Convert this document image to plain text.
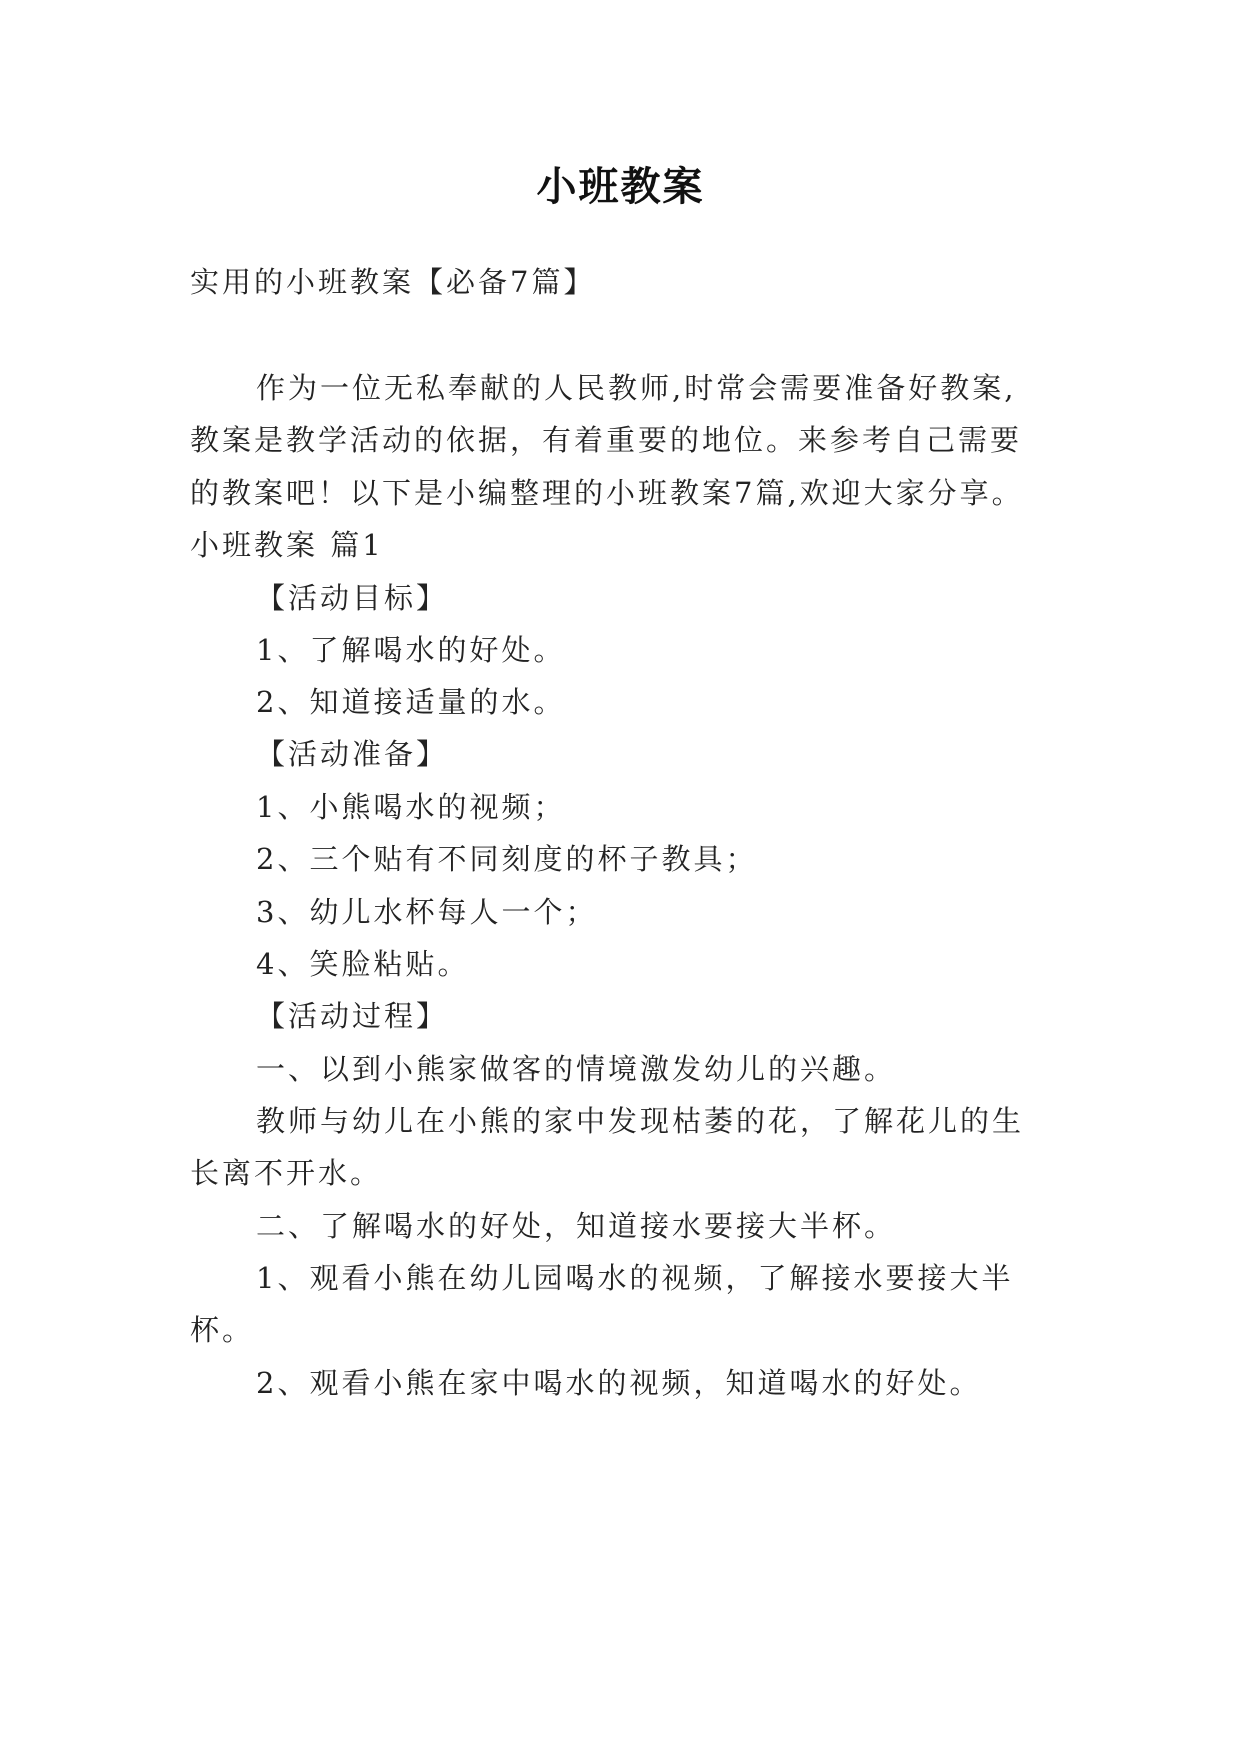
小班教案
实用的小班教案【必备7篇】
作为一位无私奉献的人民教师,时常会需要准备好教案,
教案是教学活动的依据，有着重要的地位。来参考自己需要
的教案吧！以下是小编整理的小班教案7篇,欢迎大家分享。
小班教案 篇1
【活动目标】
1、了解喝水的好处。
2、知道接适量的水。
【活动准备】
1、小熊喝水的视频；
2、三个贴有不同刻度的杯子教具；
3、幼儿水杯每人一个；
4、笑脸粘贴。
【活动过程】
一、以到小熊家做客的情境激发幼儿的兴趣。
教师与幼儿在小熊的家中发现枯萎的花，了解花儿的生
长离不开水。
二、了解喝水的好处，知道接水要接大半杯。
1、观看小熊在幼儿园喝水的视频，了解接水要接大半
杯。
2、观看小熊在家中喝水的视频，知道喝水的好处。
